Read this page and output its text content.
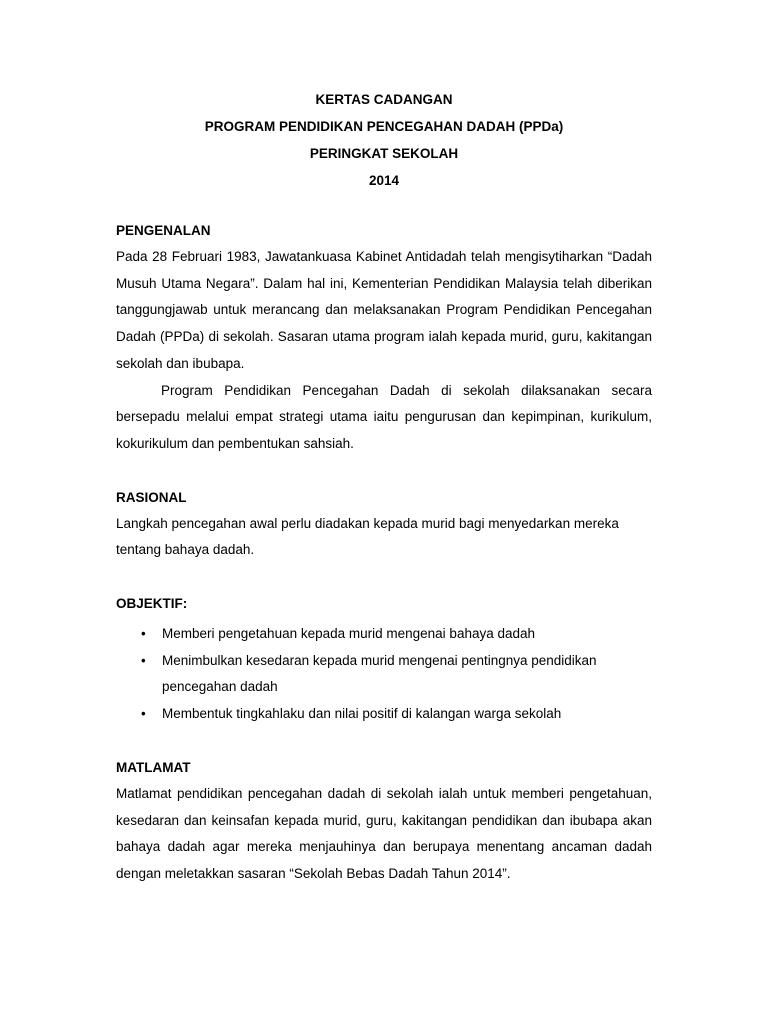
KERTAS CADANGAN
PROGRAM PENDIDIKAN PENCEGAHAN DADAH (PPDa)
PERINGKAT SEKOLAH
2014
PENGENALAN
Pada 28 Februari 1983, Jawatankuasa Kabinet Antidadah telah mengisytiharkan “Dadah Musuh Utama Negara”. Dalam hal ini, Kementerian Pendidikan Malaysia telah diberikan tanggungjawab untuk merancang dan melaksanakan Program Pendidikan Pencegahan Dadah (PPDa) di sekolah. Sasaran utama program ialah kepada murid, guru, kakitangan sekolah dan ibubapa.
Program Pendidikan Pencegahan Dadah di sekolah dilaksanakan secara bersepadu melalui empat strategi utama iaitu pengurusan dan kepimpinan, kurikulum, kokurikulum dan pembentukan sahsiah.
RASIONAL
Langkah pencegahan awal perlu diadakan kepada murid bagi menyedarkan mereka tentang bahaya dadah.
OBJEKTIF:
• Memberi pengetahuan kepada murid mengenai bahaya dadah
• Menimbulkan kesedaran kepada murid mengenai pentingnya pendidikan pencegahan dadah
• Membentuk tingkahlaku dan nilai positif di kalangan warga sekolah
MATLAMAT
Matlamat pendidikan pencegahan dadah di sekolah ialah untuk memberi pengetahuan, kesedaran dan keinsafan kepada murid, guru, kakitangan pendidikan dan ibubapa akan bahaya dadah agar mereka menjauhinya dan berupaya menentang ancaman dadah dengan meletakkan sasaran “Sekolah Bebas Dadah Tahun 2014”.
